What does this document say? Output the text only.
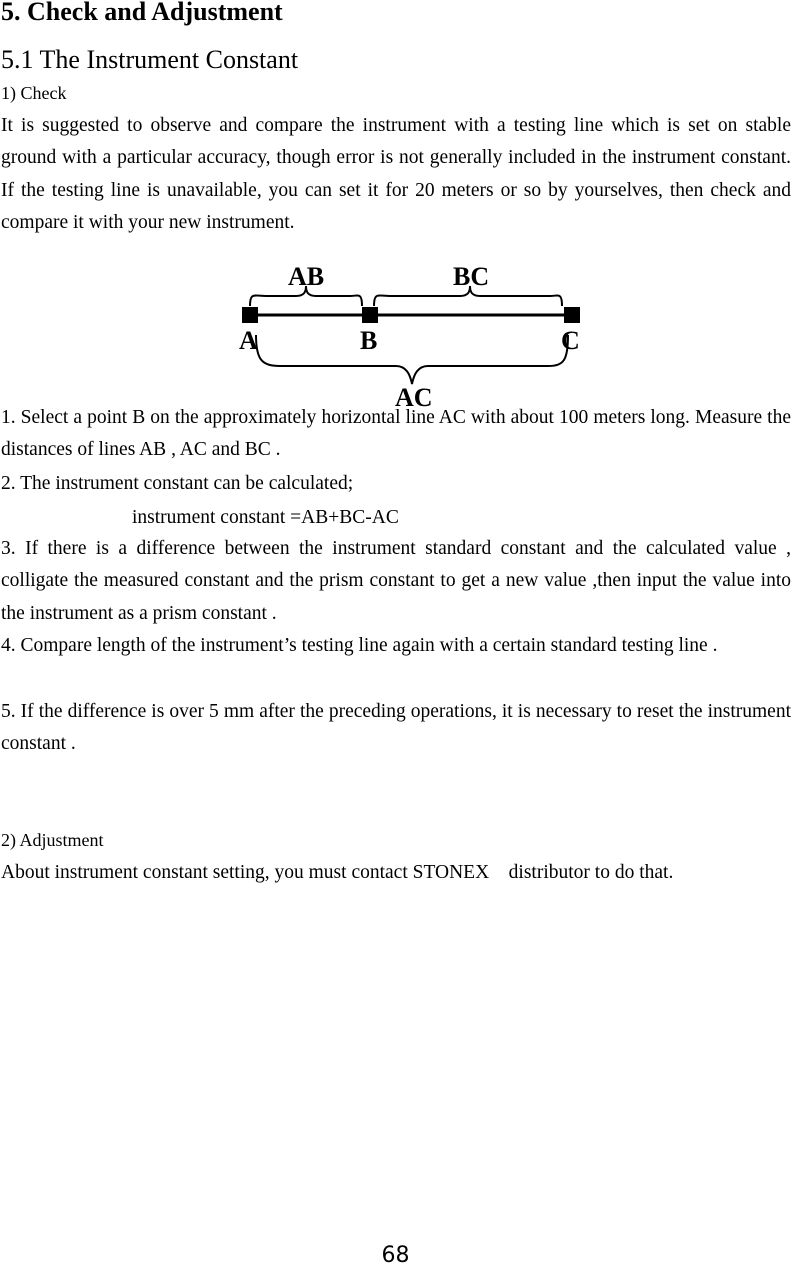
5. Check and Adjustment
5.1 The Instrument Constant
1) Check
It is suggested to observe and compare the instrument with a testing line which is set on stable ground with a particular accuracy, though error is not generally included in the instrument constant. If the testing line is unavailable, you can set it for 20 meters or so by yourselves, then check and compare it with your new instrument.
AB	BC
A	B	C
AC
1. Select a point B on the approximately horizontal line AC with about 100 meters long. Measure the distances of lines AB , AC and BC .
2. The instrument constant can be calculated;
instrument constant =AB+BC-AC
3. If there is a difference between the instrument standard constant and the calculated value , colligate the measured constant and the prism constant to get a new value ,then input the value into the instrument as a prism constant .
4. Compare length of the instrument’s testing line again with a certain standard testing line .
5. If the difference is over 5 mm after the preceding operations, it is necessary to reset the instrument constant .
2) Adjustment
About instrument constant setting, you must contact STONEX    distributor to do that.
68
